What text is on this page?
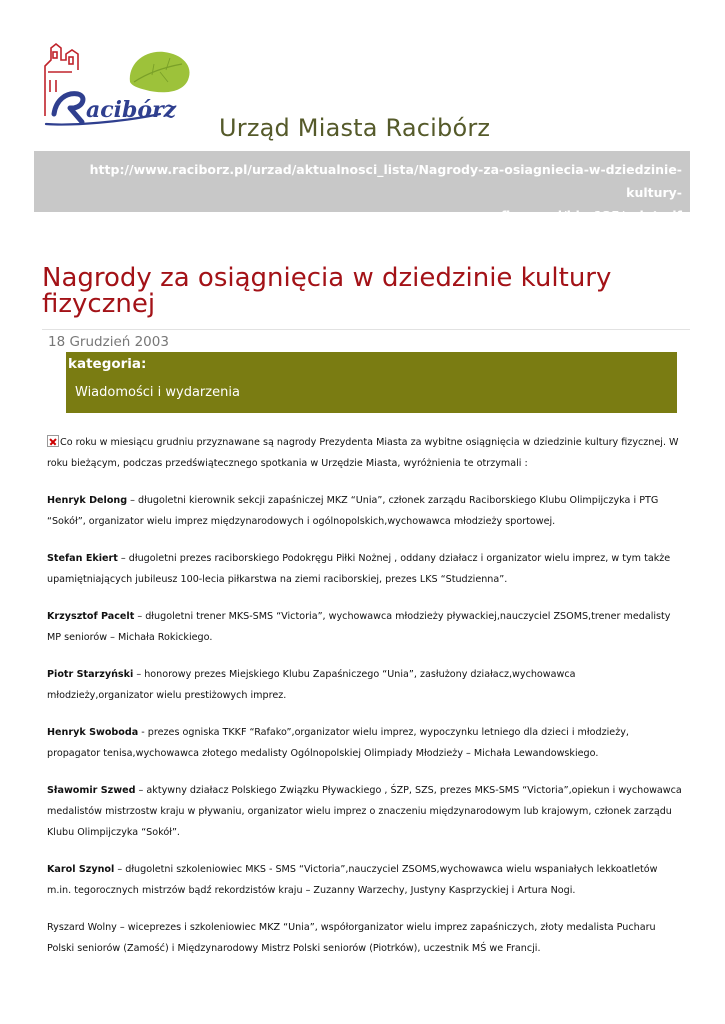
acibórz
Urząd Miasta Racibórz
http://www.raciborz.pl/urzad/aktualnosci_lista/Nagrody-za-osiagniecia-w-dziedzinie-kultury-
fizycznej/idn:135/printpdf
Nagrody za osiągnięcia w dziedzinie kultury fizycznej
18 Grudzień 2003
kategoria:
Wiadomości i wydarzenia

Co roku w miesiącu grudniu przyznawane są nagrody Prezydenta Miasta za wybitne osiągnięcia w dziedzinie kultury fizycznej. W roku bieżącym, podczas przedświątecznego spotkania w Urzędzie Miasta, wyróżnienia te otrzymali :

Henryk Delong – długoletni kierownik sekcji zapaśniczej MKZ “Unia”, członek zarządu Raciborskiego Klubu Olimpijczyka i PTG “Sokół”, organizator wielu imprez międzynarodowych i ogólnopolskich,wychowawca młodzieży sportowej.

Stefan Ekiert – długoletni prezes raciborskiego Podokręgu Piłki Nożnej , oddany działacz i organizator wielu imprez, w tym także upamiętniających jubileusz 100-lecia piłkarstwa na ziemi raciborskiej, prezes LKS “Studzienna”.

Krzysztof Pacelt – długoletni trener MKS-SMS “Victoria”, wychowawca młodzieży pływackiej,nauczyciel ZSOMS,trener medalisty MP seniorów – Michała Rokickiego.

Piotr Starzyński – honorowy prezes Miejskiego Klubu Zapaśniczego “Unia”, zasłużony działacz,wychowawca młodzieży,organizator wielu prestiżowych imprez.

Henryk Swoboda - prezes ogniska TKKF “Rafako”,organizator wielu imprez, wypoczynku letniego dla dzieci i młodzieży, propagator tenisa,wychowawca złotego medalisty Ogólnopolskiej Olimpiady Młodzieży – Michała Lewandowskiego.

Sławomir Szwed – aktywny działacz Polskiego Związku Pływackiego , ŚZP, SZS, prezes MKS-SMS “Victoria”,opiekun i wychowawca medalistów mistrzostw kraju w pływaniu, organizator wielu imprez o znaczeniu międzynarodowym lub krajowym, członek zarządu Klubu Olimpijczyka “Sokół”.

Karol Szynol – długoletni szkoleniowiec MKS - SMS “Victoria”,nauczyciel ZSOMS,wychowawca wielu wspaniałych lekkoatletów m.in. tegorocznych mistrzów bądź rekordzistów kraju – Zuzanny Warzechy, Justyny Kasprzyckiej i Artura Nogi.

Ryszard Wolny – wiceprezes i szkoleniowiec MKZ “Unia”, współorganizator wielu imprez zapaśniczych, złoty medalista Pucharu Polski seniorów (Zamość) i Międzynarodowy Mistrz Polski seniorów (Piotrków), uczestnik MŚ we Francji.
